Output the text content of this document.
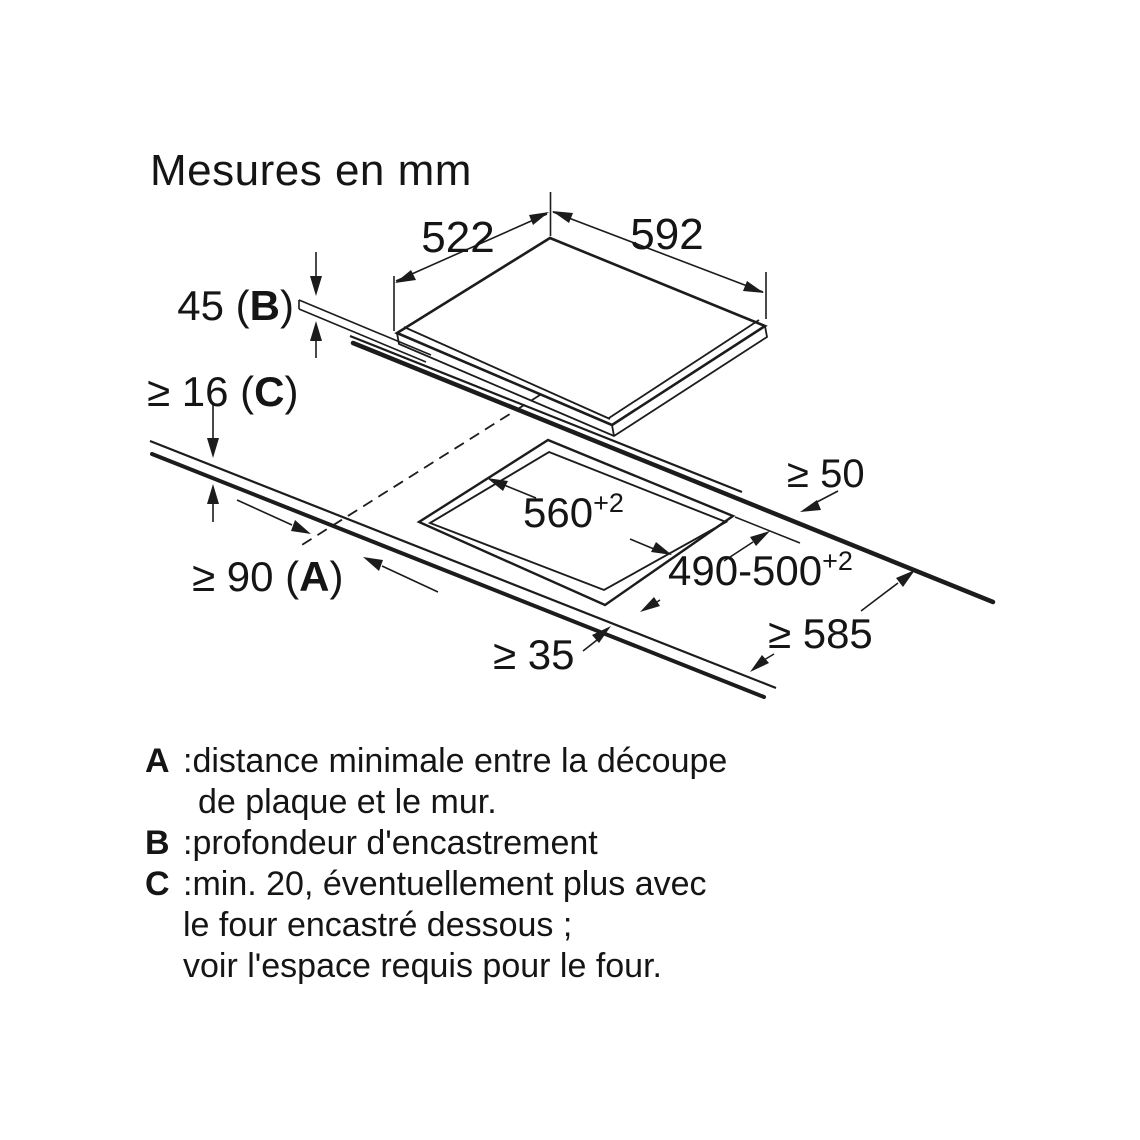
Mesures en mm
522	592
45 (B)
≥ 16 (C)
$560^{+2}$
$490-500^{+2}$
≥ 50
≥ 585
≥ 35
≥ 90 (A)
A :distance minimale entre la découpe
de plaque et le mur.
B :profondeur d'encastrement
C :min. 20, éventuellement plus avec
le four encastré dessous ;
voir l'espace requis pour le four.
